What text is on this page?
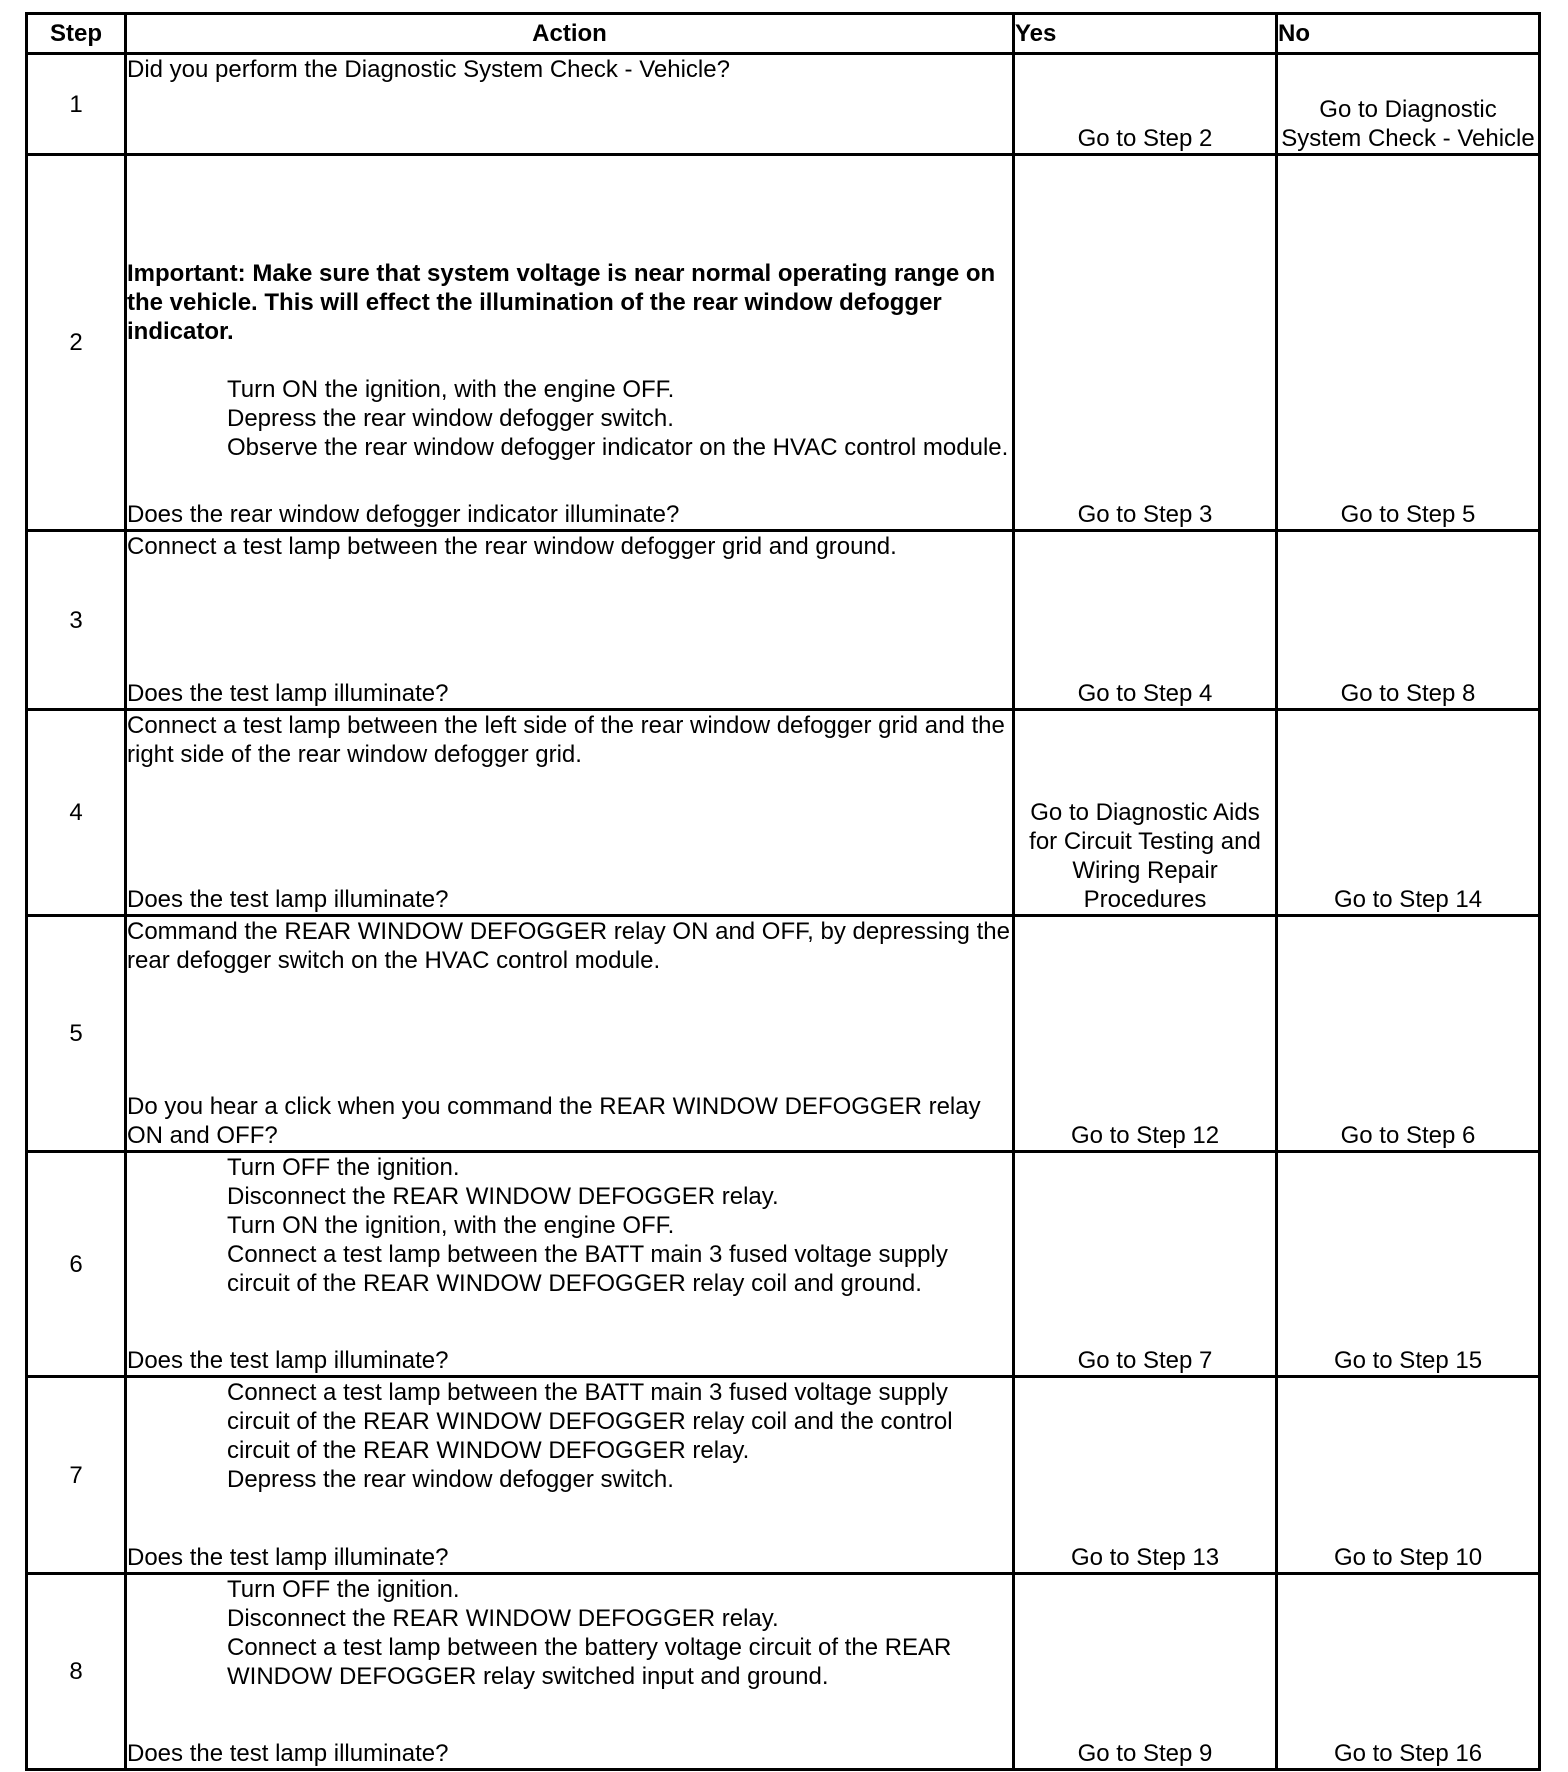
Step	Action	Yes	No
1	Did you perform the Diagnostic System Check - Vehicle?	Go to Step 2	Go to Diagnostic System Check - Vehicle
2	Important: Make sure that system voltage is near normal operating range on the vehicle. This will effect the illumination of the rear window defogger indicator.

Turn ON the ignition, with the engine OFF.

Depress the rear window defogger switch.

Observe the rear window defogger indicator on the HVAC control module.

Does the rear window defogger indicator illuminate?	Go to Step 3	Go to Step 5
3	Connect a test lamp between the rear window defogger grid and ground.

Does the test lamp illuminate?	Go to Step 4	Go to Step 8
4	Connect a test lamp between the left side of the rear window defogger grid and the right side of the rear window defogger grid.

Does the test lamp illuminate?	Go to Diagnostic Aids for Circuit Testing and Wiring Repair Procedures	Go to Step 14
5	Command the REAR WINDOW DEFOGGER relay ON and OFF, by depressing the rear defogger switch on the HVAC control module.

Do you hear a click when you command the REAR WINDOW DEFOGGER relay ON and OFF?	Go to Step 12	Go to Step 6
6	Turn OFF the ignition.

Disconnect the REAR WINDOW DEFOGGER relay.

Turn ON the ignition, with the engine OFF.

Connect a test lamp between the BATT main 3 fused voltage supply circuit of the REAR WINDOW DEFOGGER relay coil and ground.

Does the test lamp illuminate?	Go to Step 7	Go to Step 15
7	Connect a test lamp between the BATT main 3 fused voltage supply circuit of the REAR WINDOW DEFOGGER relay coil and the control circuit of the REAR WINDOW DEFOGGER relay.

Depress the rear window defogger switch.

Does the test lamp illuminate?	Go to Step 13	Go to Step 10
8	Turn OFF the ignition.

Disconnect the REAR WINDOW DEFOGGER relay.

Connect a test lamp between the battery voltage circuit of the REAR WINDOW DEFOGGER relay switched input and ground.

Does the test lamp illuminate?	Go to Step 9	Go to Step 16
